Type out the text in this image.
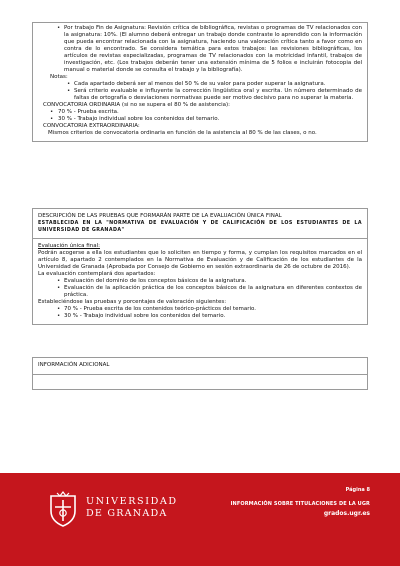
• Por trabajo Fin de Asignatura: Revisión crítica de bibliográfica, revistas o programas de TV relacionados con la asignatura: 10%. (El alumno deberá entregar un trabajo donde contraste lo aprendido con la información que pueda encontrar relacionada con la asignatura, haciendo una valoración crítica tanto a favor como en contra de lo encontrado. Se considera temática para estos trabajos: las revisiones bibliográficas, los artículos de revistas especializadas, programas de TV relacionados con la motricidad infantil, trabajos de investigación, etc. (Los trabajos deberán tener una extensión mínima de 5 folios e incluirán fotocopia del manual o material donde se consulta el trabajo y la bibliografía).
Notas:
• Cada apartado deberá ser al menos del 50 % de su valor para poder superar la asignatura.
• Será criterio evaluable e influyente la corrección lingüística oral y escrita. Un número determinado de faltas de ortografía o desviaciones normativas puede ser motivo decisivo para no superar la materia.
CONVOCATORIA ORDINARIA (si no se supera el 80 % de asistencia):
• 70 % - Prueba escrita.
• 30 % - Trabajo individual sobre los contenidos del temario.
CONVOCATORIA EXTRAORDINARIA:
Mismos criterios de convocatoria ordinaria en función de la asistencia al 80 % de las clases, o no.
DESCRIPCIÓN DE LAS PRUEBAS QUE FORMARÁN PARTE DE LA EVALUACIÓN ÚNICA FINAL
ESTABLECIDA EN LA "NORMATIVA DE EVALUACIÓN Y DE CALIFICACIÓN DE LOS ESTUDIANTES DE LA UNIVERSIDAD DE GRANADA"
Evaluación única final:
Podrán acogerse a ella los estudiantes que lo soliciten en tiempo y forma, y cumplan los requisitos marcados en el artículo 8, apartado 2 contemplados en la Normativa de Evaluación y de Calificación de los estudiantes de la Universidad de Granada (Aprobada por Consejo de Gobierno en sesión extraordinaria de 26 de octubre de 2016).
La evaluación contemplará dos apartados:
• Evaluación del dominio de los conceptos básicos de la asignatura.
• Evaluación de la aplicación práctica de los conceptos básicos de la asignatura en diferentes contextos de práctica.
Estableciéndose las pruebas y porcentajes de valoración siguientes:
• 70 % - Prueba escrita de los contenidos teórico-prácticos del temario.
• 30 % - Trabajo individual sobre los contenidos del temario.
INFORMACIÓN ADICIONAL
UNIVERSIDAD
DE GRANADA
Página 8
INFORMACIÓN SOBRE TITULACIONES DE LA UGR
grados.ugr.es
